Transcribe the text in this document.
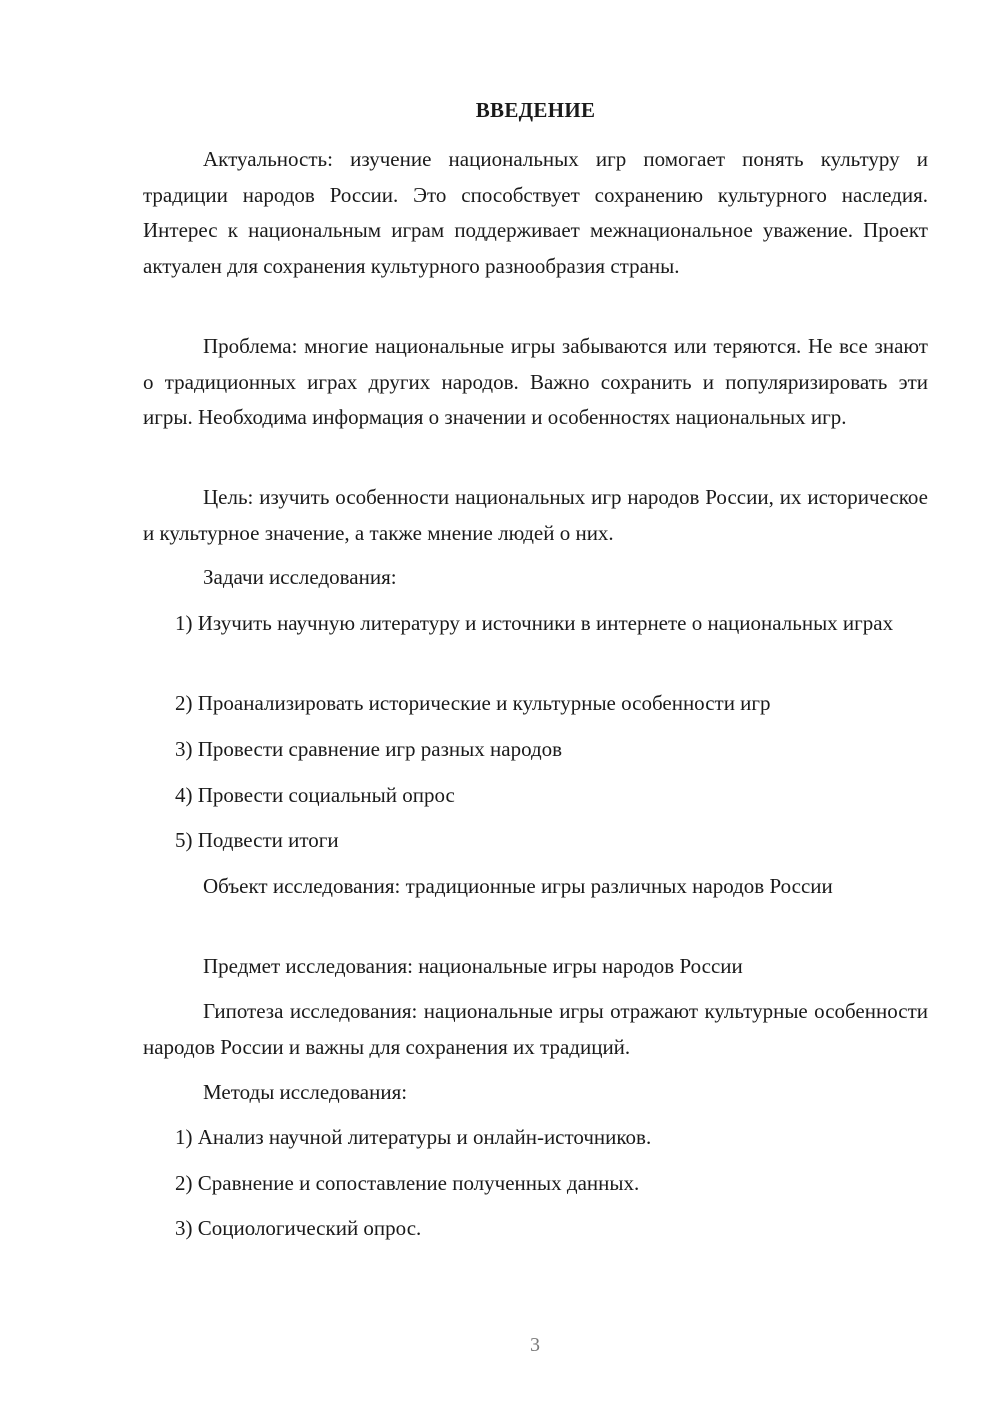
ВВЕДЕНИЕ

Актуальность: изучение национальных игр помогает понять культуру и традиции народов России. Это способствует сохранению культурного наследия. Интерес к национальным играм поддерживает межнациональное уважение. Проект актуален для сохранения культурного разнообразия страны.

Проблема: многие национальные игры забываются или теряются. Не все знают о традиционных играх других народов. Важно сохранить и популяризировать эти игры. Необходима информация о значении и особенностях национальных игр.

Цель: изучить особенности национальных игр народов России, их историческое и культурное значение, а также мнение людей о них.

Задачи исследования:

1) Изучить научную литературу и источники в интернете о национальных играх

2) Проанализировать исторические и культурные особенности игр

3) Провести сравнение игр разных народов

4) Провести социальный опрос

5) Подвести итоги

Объект исследования: традиционные игры различных народов России

Предмет исследования: национальные игры народов России

Гипотеза исследования: национальные игры отражают культурные особенности народов России и важны для сохранения их традиций.

Методы исследования:

1) Анализ научной литературы и онлайн-источников.

2) Сравнение и сопоставление полученных данных.

3) Социологический опрос.

3
